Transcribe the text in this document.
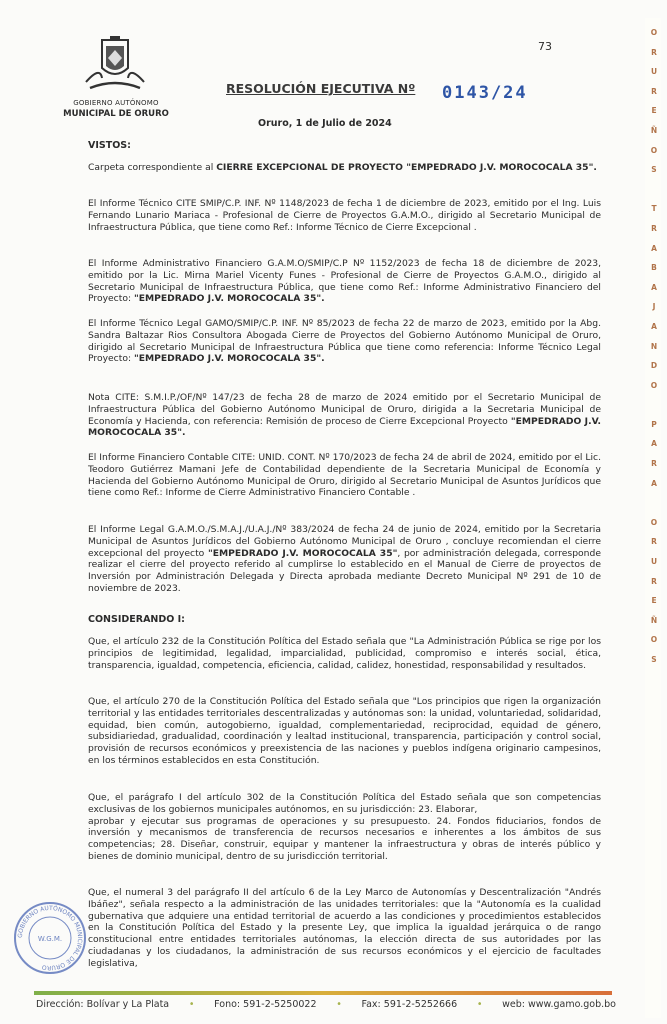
73
GOBIERNO AUTÓNOMO
MUNICIPAL DE ORURO
RESOLUCIÓN EJECUTIVA Nº 0143/24
Oruro, 1 de Julio de 2024
VISTOS:
Carpeta correspondiente al CIERRE EXCEPCIONAL DE PROYECTO "EMPEDRADO J.V. MOROCOCALA 35".
El Informe Técnico CITE SMIP/C.P. INF. Nº 1148/2023 de fecha 1 de diciembre de 2023, emitido por el Ing. Luis Fernando Lunario Mariaca - Profesional de Cierre de Proyectos G.A.M.O., dirigido al Secretario Municipal de Infraestructura Pública, que tiene como Ref.: Informe Técnico de Cierre Excepcional .
El Informe Administrativo Financiero G.A.M.O/SMIP/C.P Nº 1152/2023 de fecha 18 de diciembre de 2023, emitido por la Lic. Mirna Mariel Vicenty Funes - Profesional de Cierre de Proyectos G.A.M.O., dirigido al Secretario Municipal de Infraestructura Pública, que tiene como Ref.: Informe Administrativo Financiero del Proyecto: "EMPEDRADO J.V. MOROCOCALA 35".
El Informe Técnico Legal GAMO/SMIP/C.P. INF. Nº 85/2023 de fecha 22 de marzo de 2023, emitido por la Abg. Sandra Baltazar Rios Consultora Abogada Cierre de Proyectos del Gobierno Autónomo Municipal de Oruro, dirigido al Secretario Municipal de Infraestructura Pública que tiene como referencia: Informe Técnico Legal Proyecto: "EMPEDRADO J.V. MOROCOCALA 35".
Nota CITE: S.M.I.P./OF/Nº 147/23 de fecha 28 de marzo de 2024 emitido por el Secretario Municipal de Infraestructura Pública del Gobierno Autónomo Municipal de Oruro, dirigida a la Secretaria Municipal de Economía y Hacienda, con referencia: Remisión de proceso de Cierre Excepcional Proyecto "EMPEDRADO J.V. MOROCOCALA 35".
El Informe Financiero Contable CITE: UNID. CONT. Nº 170/2023 de fecha 24 de abril de 2024, emitido por el Lic. Teodoro Gutiérrez Mamani Jefe de Contabilidad dependiente de la Secretaria Municipal de Economía y Hacienda del Gobierno Autónomo Municipal de Oruro, dirigido al Secretario Municipal de Asuntos Jurídicos que tiene como Ref.: Informe de Cierre Administrativo Financiero Contable .
El Informe Legal G.A.M.O./S.M.A.J./U.A.J./Nº 383/2024 de fecha 24 de junio de 2024, emitido por la Secretaria Municipal de Asuntos Jurídicos del Gobierno Autónomo Municipal de Oruro , concluye recomiendan el cierre excepcional del proyecto "EMPEDRADO J.V. MOROCOCALA 35", por administración delegada, corresponde realizar el cierre del proyecto referido al cumplirse lo establecido en el Manual de Cierre de proyectos de Inversión por Administración Delegada y Directa aprobada mediante Decreto Municipal Nº 291 de 10 de noviembre de 2023.
CONSIDERANDO I:
Que, el artículo 232 de la Constitución Política del Estado señala que "La Administración Pública se rige por los principios de legitimidad, legalidad, imparcialidad, publicidad, compromiso e interés social, ética, transparencia, igualdad, competencia, eficiencia, calidad, calidez, honestidad, responsabilidad y resultados.
Que, el artículo 270 de la Constitución Política del Estado señala que "Los principios que rigen la organización territorial y las entidades territoriales descentralizadas y autónomas son: la unidad, voluntariedad, solidaridad, equidad, bien común, autogobierno, igualdad, complementariedad, reciprocidad, equidad de género, subsidiariedad, gradualidad, coordinación y lealtad institucional, transparencia, participación y control social, provisión de recursos económicos y preexistencia de las naciones y pueblos indígena originario campesinos, en los términos establecidos en esta Constitución.
Que, el parágrafo I del artículo 302 de la Constitución Política del Estado señala que son competencias exclusivas de los gobiernos municipales autónomos, en su jurisdicción: 23. Elaborar,
aprobar y ejecutar sus programas de operaciones y su presupuesto. 24. Fondos fiduciarios, fondos de inversión y mecanismos de transferencia de recursos necesarios e inherentes a los ámbitos de sus competencias; 28. Diseñar, construir, equipar y mantener la infraestructura y obras de interés público y bienes de dominio municipal, dentro de su jurisdicción territorial.
Que, el numeral 3 del parágrafo II del artículo 6 de la Ley Marco de Autonomías y Descentralización "Andrés Ibáñez", señala respecto a la administración de las unidades territoriales: que la "Autonomía es la cualidad gubernativa que adquiere una entidad territorial de acuerdo a las condiciones y procedimientos establecidos en la Constitución Política del Estado y la presente Ley, que implica la igualdad jerárquica o de rango constitucional entre entidades territoriales autónomas, la elección directa de sus autoridades por las ciudadanas y los ciudadanos, la administración de sus recursos económicos y el ejercicio de facultades legislativa,
GOBIERNO AUTÓNOMO MUNICIPAL DE ORURO
W.G.M.
O
R
U
R
E
Ñ
O
S

T
R
A
B
A
J
A
N
D
O

P
A
R
A

O
R
U
R
E
Ñ
O
S
Dirección: Bolívar y La Plata	•	Fono: 591-2-5250022	•	Fax: 591-2-5252666	•	web: www.gamo.gob.bo
